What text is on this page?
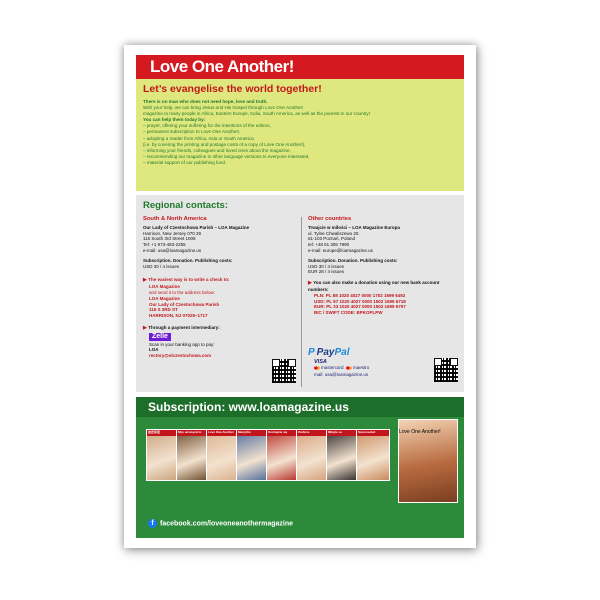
Love One Another!
Let’s evangelise the world together!
There is no man who does not need hope, love and truth.
With your help, we can bring Jesus and His Gospel through Love One Another!
magazine to many people in Africa, Eastern Europe, India, South America, as well as the poorest in our country!
You can help them today by:
– prayer, offering your suffering for the intentions of the editors,
– permanent subscription to Love One Another!,
– adopting a reader from Africa, Asia or South America
(i.e. by covering the printing and postage costs of a copy of Love One Another!),
– informing your friends, colleagues and loved ones about the magazine,
– recommending our magazine in other language versions to everyone interested,
– material support of our publishing fund.
Regional contacts:
South & North America
Our Lady of Czestochowa Parish – LOA Magazine
Harrison, New Jersey 070 29
115 South 3rd Street 1008
Tel: +1 973-483-2255
e-mail: usa@loamagazine.us
Subscription. Donation. Publishing costs:
USD 30 / 4 issues
▶ The easiest way is to write a check to:
LOA Magazine
and send it to the address below:
LOA Magazine
Our Lady of Czestochowa Parish
115 S 3RD ST
HARRISON, NJ 07029–1717
▶ Through a payment intermediary:
Zelle
Scan in your banking app to pay:
LOA
rectory@olczestochowa.com
Other countries
Trwajcie w miłości – LOA Magazine Europa
ul. Tylne Chwaliszewo 25
61-103 Poznań, Poland
tel: +48 61 306 7990
e-mail: europe@loamagazine.us
Subscription. Donation. Publishing costs:
USD 30 / 4 issues
EUR 28 / 4 issues
▶ You can also make a donation using our new bank account numbers:
PLN: PL 88 1020 4027 0000 1702 1699 6492
USD: PL 97 1020 4027 0000 1502 1699 6718
EUR: PL 33 1020 4027 0000 1502 1699 6707
BIC / SWIFT CODE: BPKOPLPW
P PayPal
VISA
mastercard maestro
mail: usa@loamagazine.us
Subscription: www.loamagazine.us
彼此相爱	Μην κατακρίνετε Love One Another Милуйте	Kochajcie się	Любите	Milujte sa	Szeressétek	Love One Another!
f facebook.com/loveoneanothermagazine
